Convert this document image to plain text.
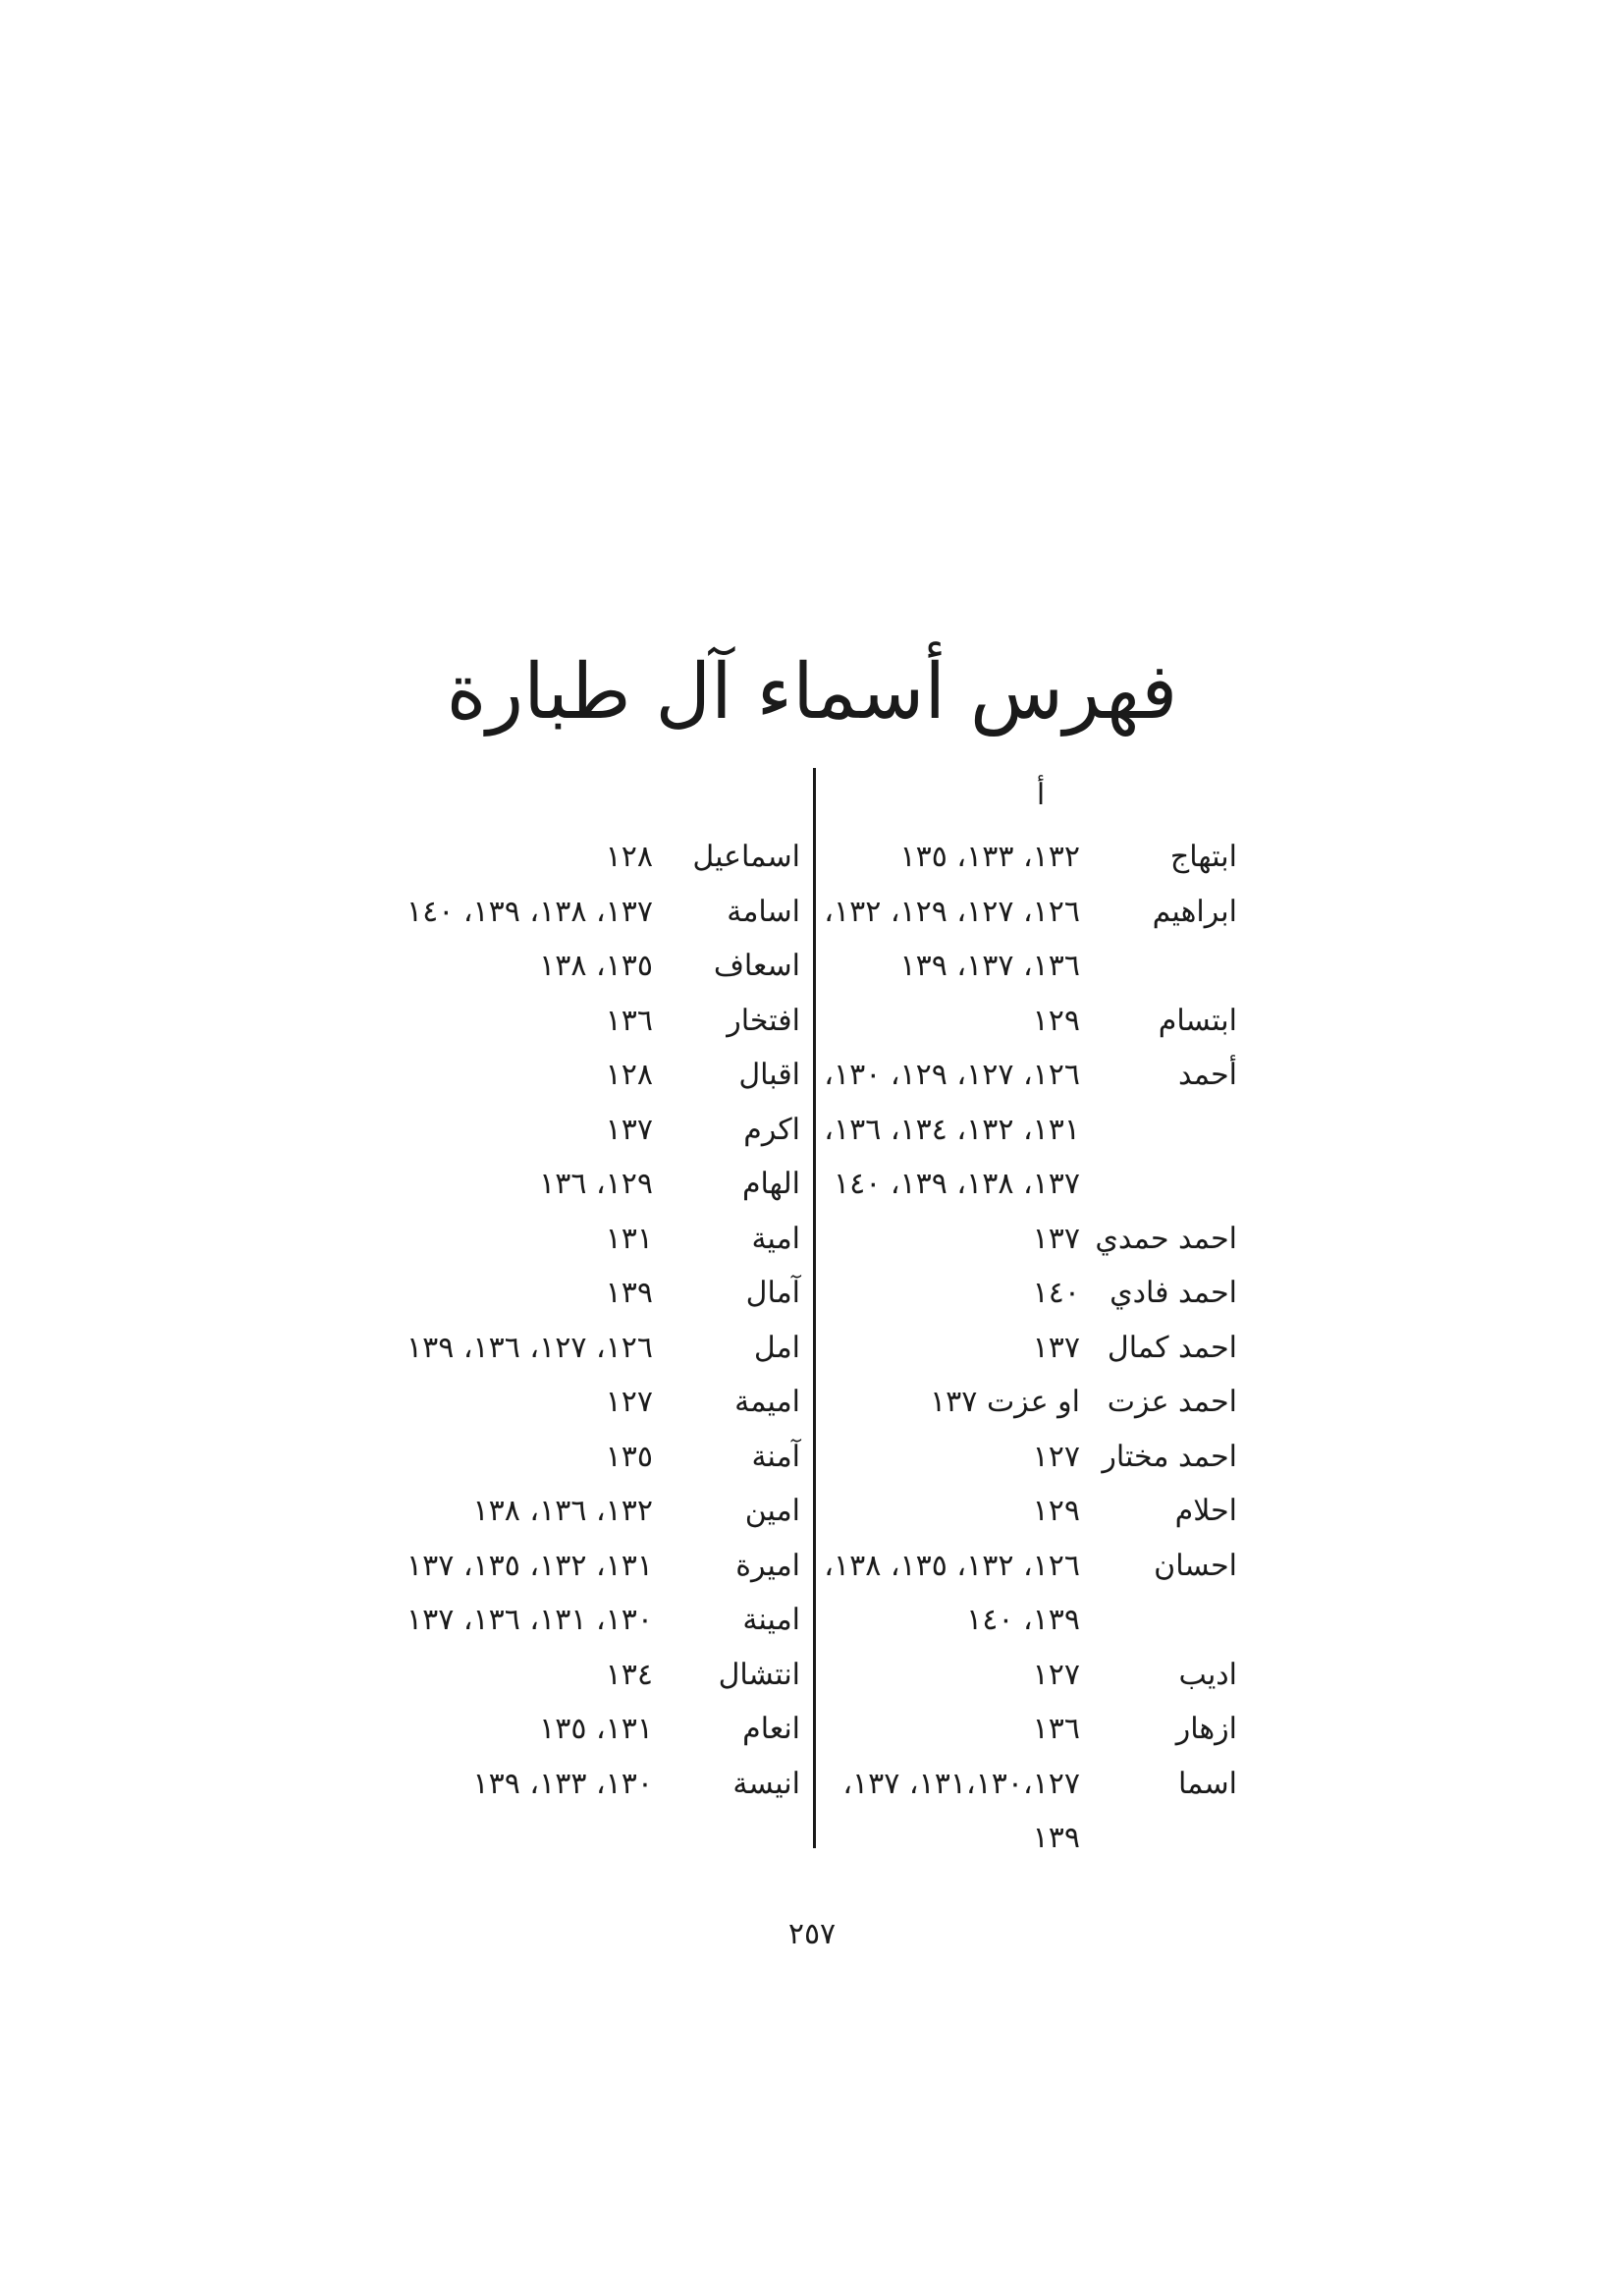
فهرس أسماء آل طبارة
أ
ابتهاج
١٣٢، ١٣٣، ١٣٥
ابراهيم
١٢٦، ١٢٧، ١٢٩، ١٣٢،
١٣٦، ١٣٧، ١٣٩
ابتسام
١٢٩
أحمد
١٢٦، ١٢٧، ١٢٩، ١٣٠،
١٣١، ١٣٢، ١٣٤، ١٣٦،
١٣٧، ١٣٨، ١٣٩، ١٤٠
احمد حمدي
١٣٧
احمد فادي
١٤٠
احمد كمال
١٣٧
احمد عزت
او عزت ١٣٧
احمد مختار
١٢٧
احلام
١٢٩
احسان
١٢٦، ١٣٢، ١٣٥، ١٣٨،
١٣٩، ١٤٠
اديب
١٢٧
ازهار
١٣٦
اسما
١٣١،١٣٠،١٢٧، ١٣٧،
١٣٩
اسماعيل
١٢٨
اسامة
١٣٧، ١٣٨، ١٣٩، ١٤٠
اسعاف
١٣٥، ١٣٨
افتخار
١٣٦
اقبال
١٢٨
اكرم
١٣٧
الهام
١٢٩، ١٣٦
امية
١٣١
آمال
١٣٩
امل
١٢٦، ١٢٧، ١٣٦، ١٣٩
اميمة
١٢٧
آمنة
١٣٥
امين
١٣٢، ١٣٦، ١٣٨
اميرة
١٣١، ١٣٢، ١٣٥، ١٣٧
امينة
١٣٠، ١٣١، ١٣٦، ١٣٧
انتشال
١٣٤
انعام
١٣١، ١٣٥
انيسة
١٣٠، ١٣٣، ١٣٩
٢٥٧
